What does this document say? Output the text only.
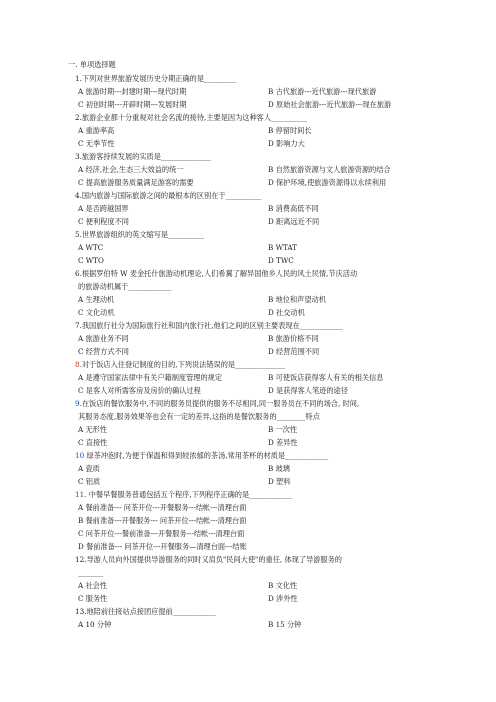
一. 单项选择题
1.下列对世界旅游发展历史分期正确的是_________
A 旅游时期---封建时期---现代时期	B 古代旅游---近代旅游---现代旅游
C 初创时期---开辟时期---发展时期	D 原始社会旅游---近代旅游---现在旅游
2.旅游企业都十分重视对社会名流的接待,主要是因为这种客人__________
A 重游率高	B 停留时间长
C 无季节性	D 影响力大
3.旅游客持续发展的实质是______________
A 经济,社会,生态三大效益的统一	B 自然旅游资源与文人旅游资源的结合
C 提高旅游服务质量满足游客的需要	D 保护环境,使旅游资源得以永续利用
4.国内旅游与国际旅游之间的最根本的区别在于__________
A 是否跨越国界	B 消费高低不同
C 便利程度不同	D 距离远近不同
5.世界旅游组织的英文缩写是__________
A WTC	B WTAT
C WTO	D TWC
6.根据罗伯特 W 麦金托什旅游动机理论,人们希翼了解异国他乡人民的风土民情,节庆活动
的旅游动机属于____________
A 生理动机	B 地位和声望动机
C 文化动机	D 社交动机
7.我国旅行社分为国际旅行社和国内旅行社,他们之间的区别主要表现在____________
A 旅游业务不同	B 旅游价格不同
C 经营方式不同	D 经营范围不同
8.对于饭店入住登记制度的目的,下列说法错误的是______________
A 是遵守国家法律中有关户籍制度管理的规定	B 可使饭店获得客人有关的相关信息
C 是客人对所需客房及房价的确认过程	D 是获得客人笔迹的途径
9.在饭店的餐饮服务中,不同的服务员提供的服务不尽相同,同一服务员在不同的场合, 时间,
其服务态度,服务效果等也会有一定的差异,这指的是餐饮服务的________特点
A 无形性	B 一次性
C 直接性	D 差异性
10 绿茶冲泡时,为便于保温和得到较浓郁的茶汤,常用茶杯的材质是____________
A 瓷质	B 玻璃
C 铝质	D 塑料
11. 中餐早餐服务普通包括五个程序,下列程序正确的是____________
A 餐前准备--- 问茶开位---开餐服务---结帐---清理台面
B 餐前准备---开餐服务--- 问茶开位---结帐---清理台面
C 问茶开位---餐前准备---开餐服务---结帐---清理台面
D 餐前准备--- 问茶开位---开餐服务—清理台面---结账
12.导游人员向外国提供导游服务的同时又肩负"民间大使"的重任, 体现了导游服务的
_______
A 社会性	B 文化性
C 服务性	D 涉外性
13.地陪前往接站点接团应提前____________
A 10 分钟	B 15 分钟
